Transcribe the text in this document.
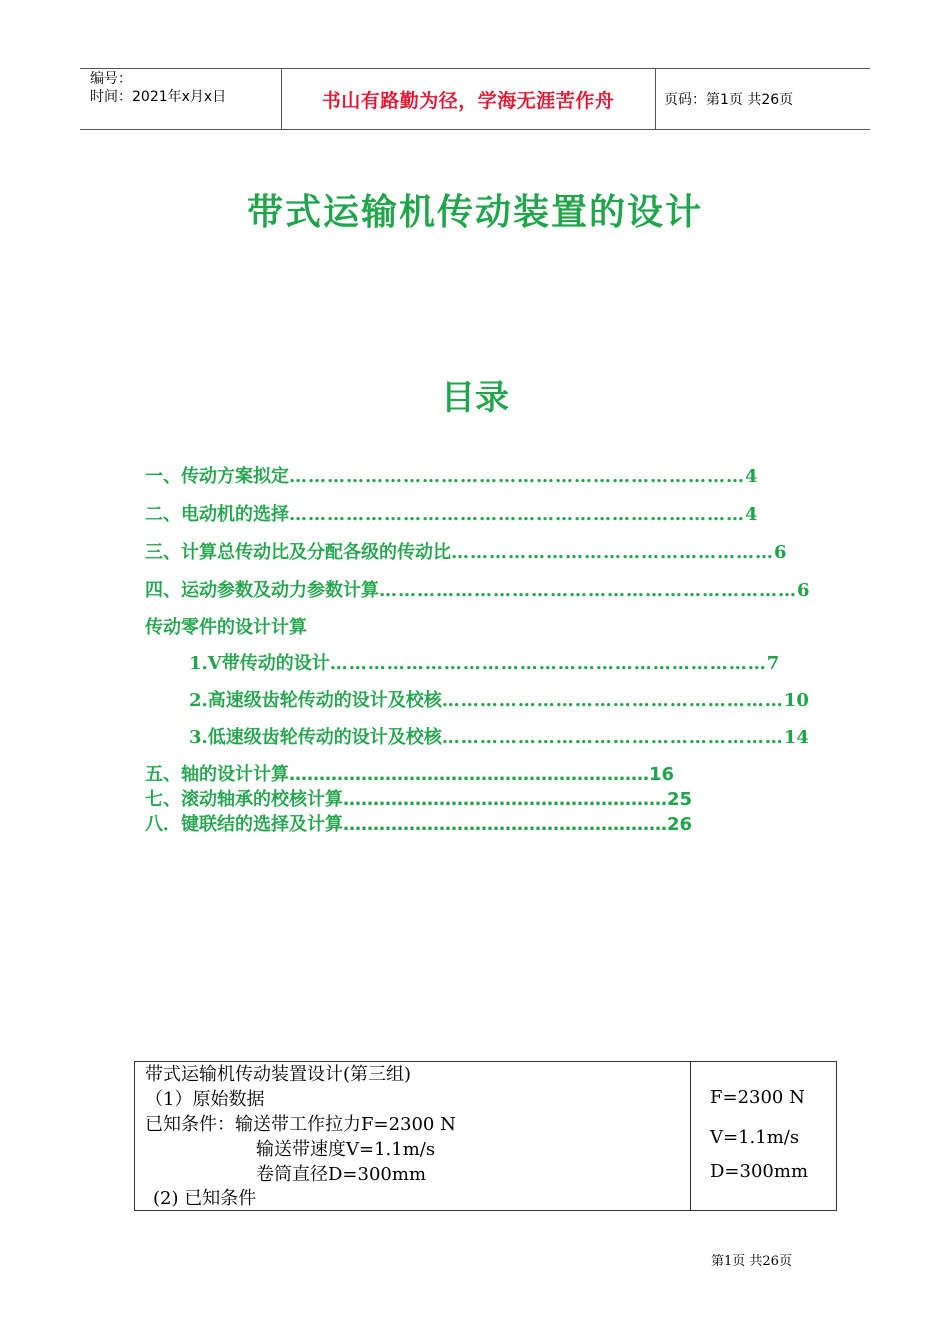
编号：
时间：2021年x月x日	书山有路勤为径，学海无涯苦作舟	页码：第1页 共26页
带式运输机传动装置的设计
目录
一、传动方案拟定………………………………………………………………4
二、电动机的选择………………………………………………………………4
三、计算总传动比及分配各级的传动比……………………………………………6
四、运动参数及动力参数计算…………………………………………………………6
传动零件的设计计算
1.V带传动的设计……………………………………………………………7
2.高速级齿轮传动的设计及校核………………………………………………10
3.低速级齿轮传动的设计及校核………………………………………………14
五、轴的设计计算……………………………………………………16
七、滚动轴承的校核计算………………………………………………25
八．键联结的选择及计算………………………………………………26
带式运输机传动装置设计(第三组)
（1）原始数据
已知条件：输送带工作拉力F=2300 N
输送带速度V=1.1m/s
卷筒直径D=300mm
(2) 已知条件
F=2300 N
V=1.1m/s
D=300mm
第1页 共26页
